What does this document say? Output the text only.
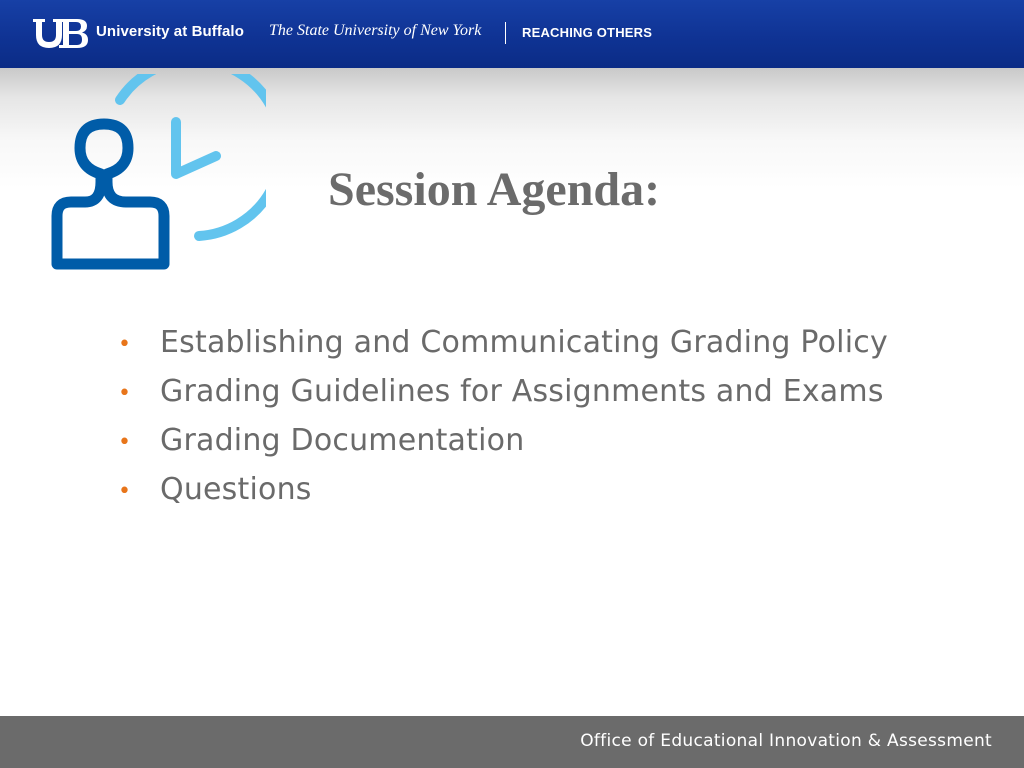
University at Buffalo The State University of New York	REACHING OTHERS
Session Agenda:
• Establishing and Communicating Grading Policy
• Grading Guidelines for Assignments and Exams
• Grading Documentation
• Questions
Office of Educational Innovation & Assessment
